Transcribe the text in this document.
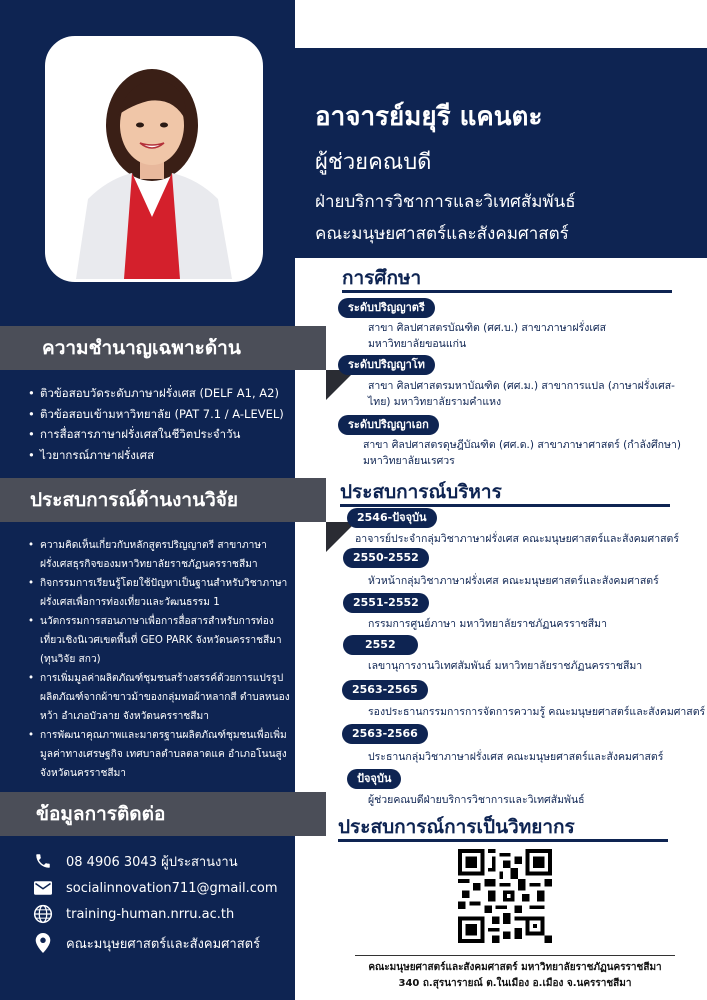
ความชำนาญเฉพาะด้าน
• ติวข้อสอบวัดระดับภาษาฝรั่งเศส (DELF A1, A2)
• ติวข้อสอบเข้ามหาวิทยาลัย (PAT 7.1 / A-LEVEL)
• การสื่อสารภาษาฝรั่งเศสในชีวิตประจำวัน
• ไวยากรณ์ภาษาฝรั่งเศส
ประสบการณ์ด้านงานวิจัย
• ความคิดเห็นเกี่ยวกับหลักสูตรปริญญาตรี สาขาภาษาฝรั่งเศสธุรกิจของมหาวิทยาลัยราชภัฏนครราชสีมา
• กิจกรรมการเรียนรู้โดยใช้ปัญหาเป็นฐานสำหรับวิชาภาษาฝรั่งเศสเพื่อการท่องเที่ยวและวัฒนธรรม 1
• นวัตกรรมการสอนภาษาเพื่อการสื่อสารสำหรับการท่องเที่ยวเชิงนิเวศเขตพื้นที่ GEO PARK จังหวัดนครราชสีมา (ทุนวิจัย สกว)
• การเพิ่มมูลค่าผลิตภัณฑ์ชุมชนสร้างสรรค์ด้วยการแปรรูปผลิตภัณฑ์จากผ้าขาวม้าของกลุ่มทอผ้าหลากสี ตำบลหนองหว้า อำเภอบัวลาย จังหวัดนครราชสีมา
• การพัฒนาคุณภาพและมาตรฐานผลิตภัณฑ์ชุมชนเพื่อเพิ่มมูลค่าทางเศรษฐกิจ เทศบาลตำบลตลาดแค อำเภอโนนสูง จังหวัดนครราชสีมา
ข้อมูลการติดต่อ
08 4906 3043 ผู้ประสานงาน
socialinnovation711@gmail.com
training-human.nrru.ac.th
คณะมนุษยศาสตร์และสังคมศาสตร์
อาจารย์มยุรี แคนตะ
ผู้ช่วยคณบดี
ฝ่ายบริการวิชาการและวิเทศสัมพันธ์
คณะมนุษยศาสตร์และสังคมศาสตร์
การศึกษา
ระดับปริญญาตรี
สาขา ศิลปศาสตรบัณฑิต (ศศ.บ.) สาขาภาษาฝรั่งเศส
มหาวิทยาลัยขอนแก่น
ระดับปริญญาโท
สาขา ศิลปศาสตรมหาบัณฑิต (ศศ.ม.) สาขาการแปล (ภาษาฝรั่งเศส-
ไทย) มหาวิทยาลัยรามคำแหง
ระดับปริญญาเอก
สาขา ศิลปศาสตรดุษฎีบัณฑิต (ศศ.ด.) สาขาภาษาศาสตร์ (กำลังศึกษา)
มหาวิทยาลัยนเรศวร
ประสบการณ์บริหาร
2546-ปัจจุบัน
อาจารย์ประจำกลุ่มวิชาภาษาฝรั่งเศส คณะมนุษยศาสตร์และสังคมศาสตร์
2550-2552
หัวหน้ากลุ่มวิชาภาษาฝรั่งเศส คณะมนุษยศาสตร์และสังคมศาสตร์
2551-2552
กรรมการศูนย์ภาษา มหาวิทยาลัยราชภัฏนครราชสีมา
2552
เลขานุการงานวิเทศสัมพันธ์ มหาวิทยาลัยราชภัฏนครราชสีมา
2563-2565
รองประธานกรรมการการจัดการความรู้ คณะมนุษยศาสตร์และสังคมศาสตร์
2563-2566
ประธานกลุ่มวิชาภาษาฝรั่งเศส คณะมนุษยศาสตร์และสังคมศาสตร์
ปัจจุบัน
ผู้ช่วยคณบดีฝ่ายบริการวิชาการและวิเทศสัมพันธ์
ประสบการณ์การเป็นวิทยากร
คณะมนุษยศาสตร์และสังคมศาสตร์ มหาวิทยาลัยราชภัฏนครราชสีมา
340 ถ.สุรนารายณ์ ต.ในเมือง อ.เมือง จ.นครราชสีมา
